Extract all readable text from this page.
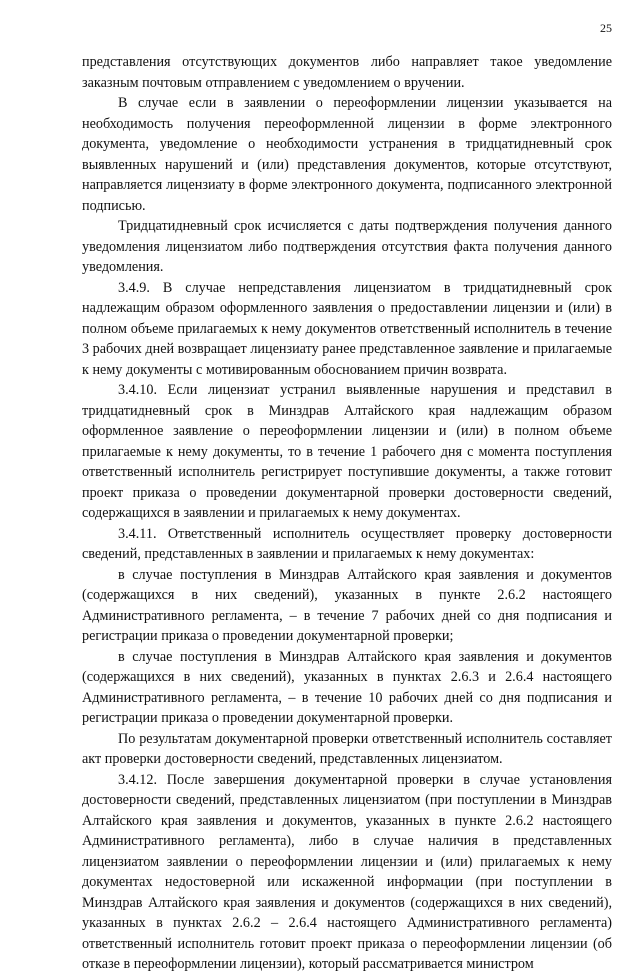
25

представления отсутствующих документов либо направляет такое уведомление заказным почтовым отправлением с уведомлением о вручении.

В случае если в заявлении о переоформлении лицензии указывается на необходимость получения переоформленной лицензии в форме электронного документа, уведомление о необходимости устранения в тридцатидневный срок выявленных нарушений и (или) представления документов, которые отсутствуют, направляется лицензиату в форме электронного документа, подписанного электронной подписью.

Тридцатидневный срок исчисляется с даты подтверждения получения данного уведомления лицензиатом либо подтверждения отсутствия факта получения данного уведомления.

3.4.9. В случае непредставления лицензиатом в тридцатидневный срок надлежащим образом оформленного заявления о предоставлении лицензии и (или) в полном объеме прилагаемых к нему документов ответственный исполнитель в течение 3 рабочих дней возвращает лицензиату ранее представленное заявление и прилагаемые к нему документы с мотивированным обоснованием причин возврата.

3.4.10. Если лицензиат устранил выявленные нарушения и представил в тридцатидневный срок в Минздрав Алтайского края надлежащим образом оформленное заявление о переоформлении лицензии и (или) в полном объеме прилагаемые к нему документы, то в течение 1 рабочего дня с момента поступления ответственный исполнитель регистрирует поступившие документы, а также готовит проект приказа о проведении документарной проверки достоверности сведений, содержащихся в заявлении и прилагаемых к нему документах.

3.4.11. Ответственный исполнитель осуществляет проверку достоверности сведений, представленных в заявлении и прилагаемых к нему документах:

в случае поступления в Минздрав Алтайского края заявления и документов (содержащихся в них сведений), указанных в пункте 2.6.2 настоящего Административного регламента, – в течение 7 рабочих дней со дня подписания и регистрации приказа о проведении документарной проверки;

в случае поступления в Минздрав Алтайского края заявления и документов (содержащихся в них сведений), указанных в пунктах 2.6.3 и 2.6.4 настоящего Административного регламента, – в течение 10 рабочих дней со дня подписания и регистрации приказа о проведении документарной проверки.

По результатам документарной проверки ответственный исполнитель составляет акт проверки достоверности сведений, представленных лицензиатом.

3.4.12. После завершения документарной проверки в случае установления достоверности сведений, представленных лицензиатом (при поступлении в Минздрав Алтайского края заявления и документов, указанных в пункте 2.6.2 настоящего Административного регламента), либо в случае наличия в представленных лицензиатом заявлении о переоформлении лицензии и (или) прилагаемых к нему документах недостоверной или искаженной информации (при поступлении в Минздрав Алтайского края заявления и документов (содержащихся в них сведений), указанных в пунктах 2.6.2 – 2.6.4 настоящего Административного регламента) ответственный исполнитель готовит проект приказа о переоформлении лицензии (об отказе в переоформлении лицензии), который рассматривается министром
